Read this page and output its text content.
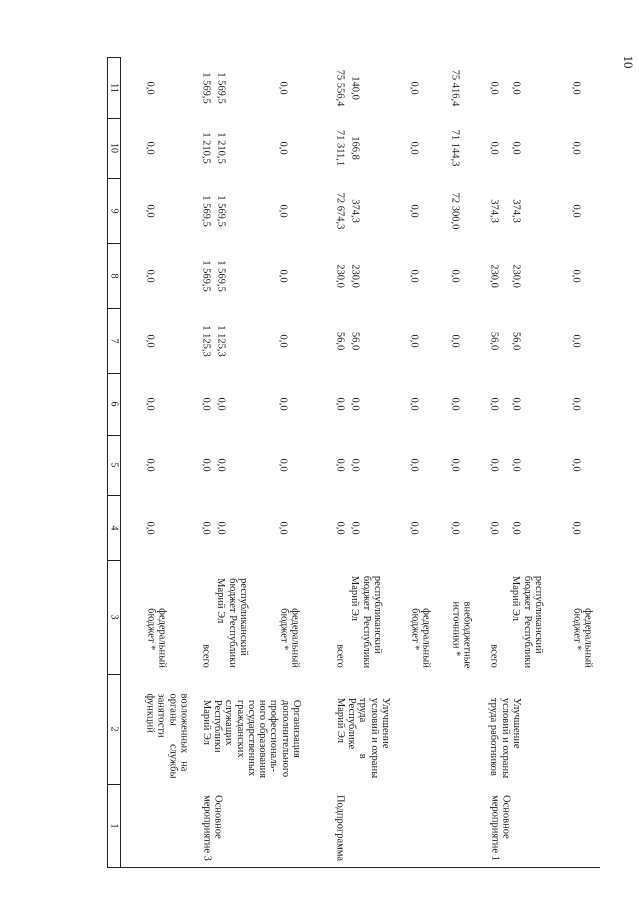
10
1
2
3
4
5
6
7
8
9
10
11
возложенных   на
органы       службы
занятости
функций
федеральный
бюджет *
0,0
0,0
0,0
0,0
0,0
0,0
0,0
0,0
Основное
мероприятие 3
Организация
дополнительного
профессиональ-
ного образования
государственных
гражданских
служащих
Республики
Марий Эл
всего
0,0
0,0
0,0
1 125,3
1 569,5
1 569,5
1 210,5
1 569,5
республиканский
бюджет Республики
Марий Эл
0,0
0,0
0,0
1 125,3
1 569,5
1 569,5
1 210,5
1 569,5
федеральный
бюджет *
0,0
0,0
0,0
0,0
0,0
0,0
0,0
0,0
Подпрограмма
Улучшение
условий и охраны
труда            в
Республике
Марий Эл
всего
0,0
0,0
0,0
56,0
230,0
72 674,3
71 311,1
75 556,4
республиканский
бюджет  Республики
Марий Эл
0,0
0,0
0,0
56,0
230,0
374,3
166,8
140,0
федеральный
бюджет *
0,0
0,0
0,0
0,0
0,0
0,0
0,0
0,0
внебюджетные
источники *
0,0
0,0
0,0
0,0
0,0
72 300,0
71 144,3
75 416,4
Основное
мероприятие 1
Улучшение
условий и охраны
труда работников
всего
0,0
0,0
0,0
56,0
230,0
374,3
0,0
0,0
республиканский
бюджет  Республики
Марий Эл
0,0
0,0
0,0
56,0
230,0
374,3
0,0
0,0
федеральный
бюджет *
0,0
0,0
0,0
0,0
0,0
0,0
0,0
0,0
